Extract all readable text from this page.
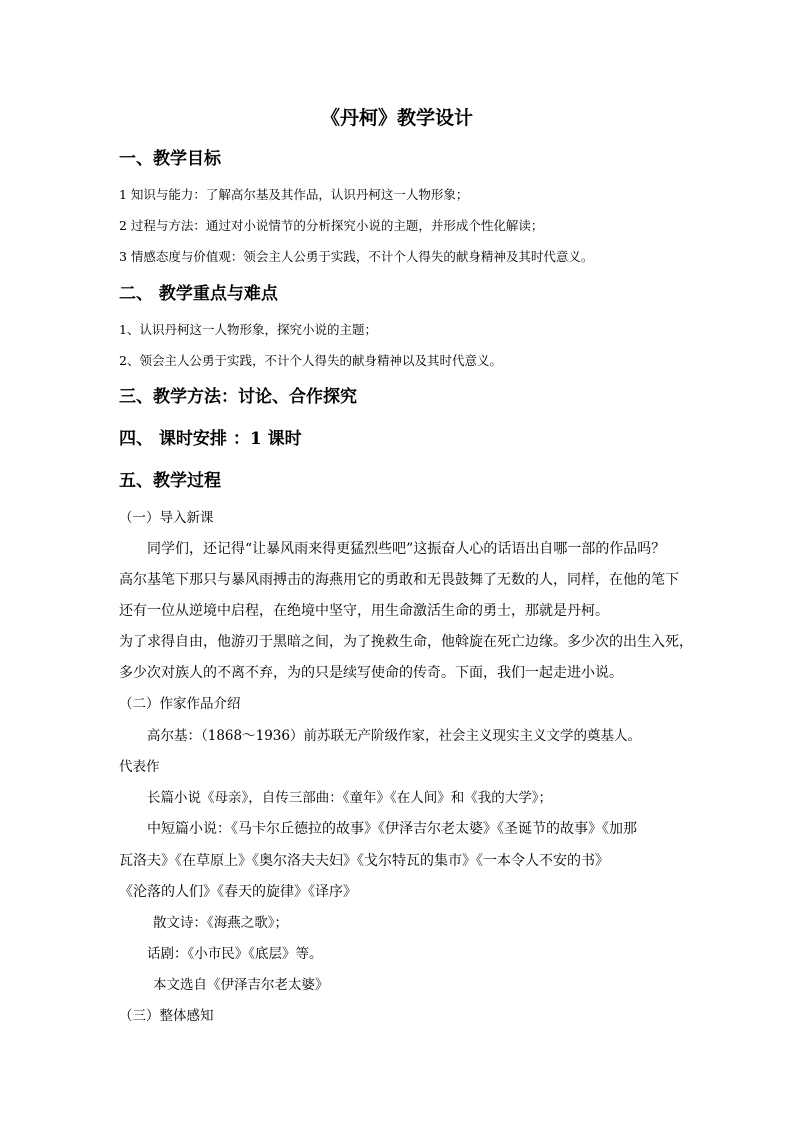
《丹柯》教学设计
一、教学目标
1 知识与能力：了解高尔基及其作品，认识丹柯这一人物形象；
2 过程与方法：通过对小说情节的分析探究小说的主题，并形成个性化解读；
3 情感态度与价值观：领会主人公勇于实践，不计个人得失的献身精神及其时代意义。
二、 教学重点与难点
1、认识丹柯这一人物形象，探究小说的主题；
2、领会主人公勇于实践，不计个人得失的献身精神以及其时代意义。
三、教学方法：讨论、合作探究
四、 课时安排 ：1 课时
五、教学过程
（一）导入新课
同学们，还记得“让暴风雨来得更猛烈些吧”这振奋人心的话语出自哪一部的作品吗？
高尔基笔下那只与暴风雨搏击的海燕用它的勇敢和无畏鼓舞了无数的人，同样，在他的笔下
还有一位从逆境中启程，在绝境中坚守，用生命激活生命的勇士，那就是丹柯。
为了求得自由，他游刃于黑暗之间，为了挽救生命，他斡旋在死亡边缘。多少次的出生入死，
多少次对族人的不离不弃，为的只是续写使命的传奇。下面，我们一起走进小说。
（二）作家作品介绍
高尔基：（1868～1936）前苏联无产阶级作家，社会主义现实主义文学的奠基人。
代表作
长篇小说《母亲》，自传三部曲：《童年》《在人间》和《我的大学》；
中短篇小说：《马卡尔丘德拉的故事》《伊泽吉尔老太婆》《圣诞节的故事》《加那
瓦洛夫》《在草原上》《奥尔洛夫夫妇》《戈尔特瓦的集市》《一本令人不安的书》
《沦落的人们》《春天的旋律》《译序》
散文诗：《海燕之歌》；
话剧：《小市民》《底层》等。
本文选自《伊泽吉尔老太婆》
（三）整体感知
